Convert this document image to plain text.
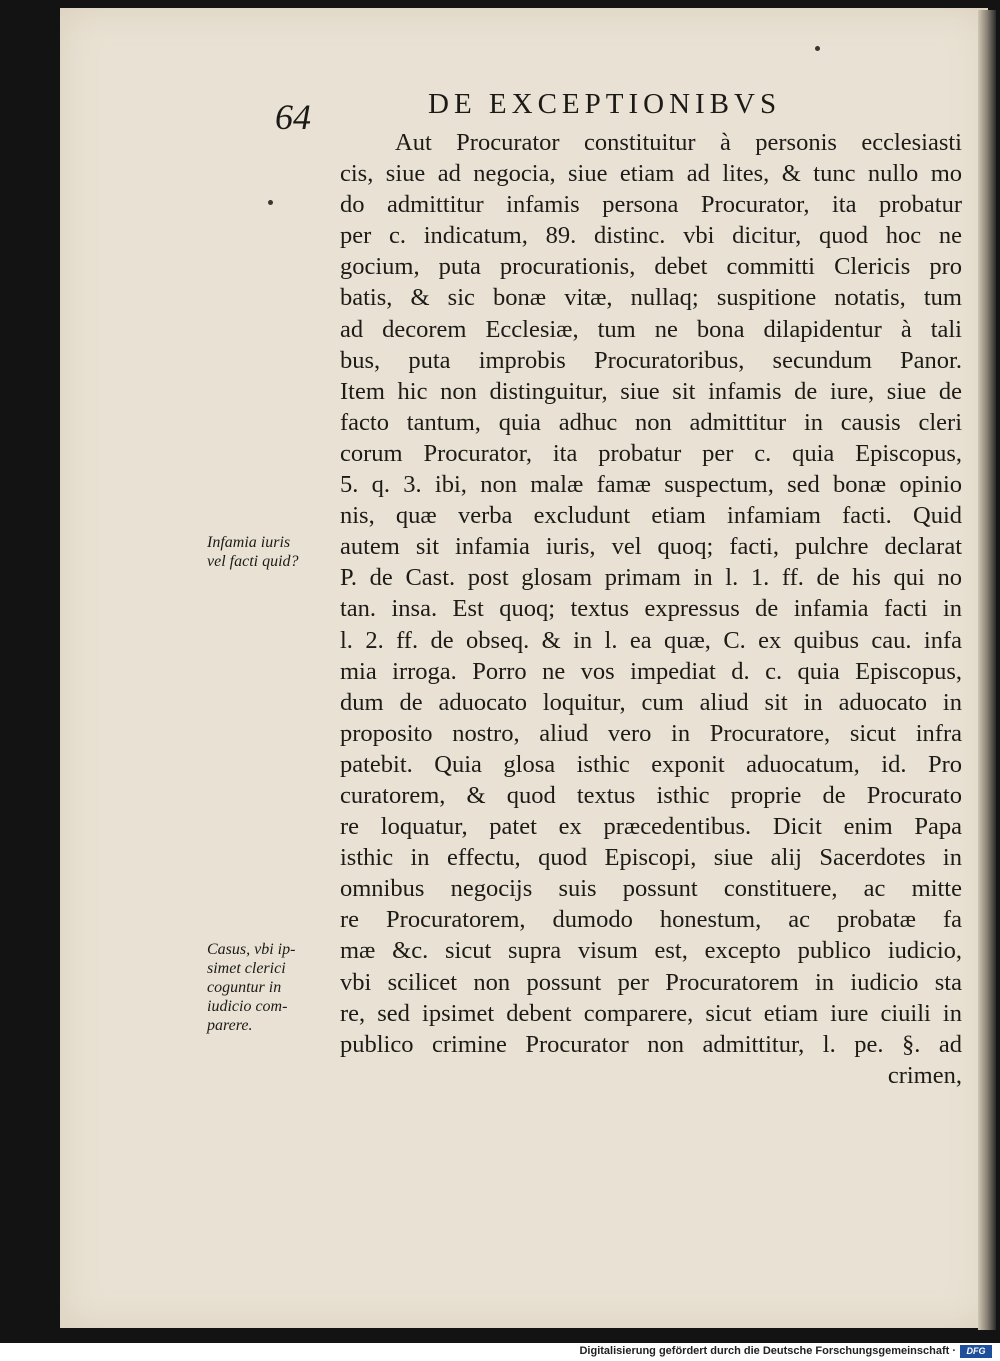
64	DE EXCEPTIONIBVS
Aut Procurator constituitur à personis ecclesiasti
cis, siue ad negocia, siue etiam ad lites, & tunc nullo mo
do admittitur infamis persona Procurator, ita probatur
per c. indicatum, 89. distinc. vbi dicitur, quod hoc ne
gocium, puta procurationis, debet committi Clericis pro
batis, & sic bonæ vitæ, nullaq; suspitione notatis, tum
ad decorem Ecclesiæ, tum ne bona dilapidentur à tali
bus, puta improbis Procuratoribus, secundum Panor.
Item hic non distinguitur, siue sit infamis de iure, siue de
facto tantum, quia adhuc non admittitur in causis cleri
corum Procurator, ita probatur per c. quia Episcopus,
5. q. 3. ibi, non malæ famæ suspectum, sed bonæ opinio
nis, quæ verba excludunt etiam infamiam facti. Quid
autem sit infamia iuris, vel quoq; facti, pulchre declarat
P. de Cast. post glosam primam in l. 1. ff. de his qui no
tan. insa. Est quoq; textus expressus de infamia facti in
l. 2. ff. de obseq. & in l. ea quæ, C. ex quibus cau. infa
mia irroga. Porro ne vos impediat d. c. quia Episcopus,
dum de aduocato loquitur, cum aliud sit in aduocato in
proposito nostro, aliud vero in Procuratore, sicut infra
patebit. Quia glosa isthic exponit aduocatum, id. Pro
curatorem, & quod textus isthic proprie de Procurato
re loquatur, patet ex præcedentibus. Dicit enim Papa
isthic in effectu, quod Episcopi, siue alij Sacerdotes in
omnibus negocijs suis possunt constituere, ac mitte
re Procuratorem, dumodo honestum, ac probatæ fa
mæ &c. sicut supra visum est, excepto publico iudicio,
vbi scilicet non possunt per Procuratorem in iudicio sta
re, sed ipsimet debent comparere, sicut etiam iure ciuili in
publico crimine Procurator non admittitur, l. pe. §. ad
crimen,
Infamia iuris
vel facti quid?
Casus, vbi ip-
simet clerici
coguntur in
iudicio com-
parere.
Digitalisierung gefördert durch die Deutsche Forschungsgemeinschaft ·	DFG
